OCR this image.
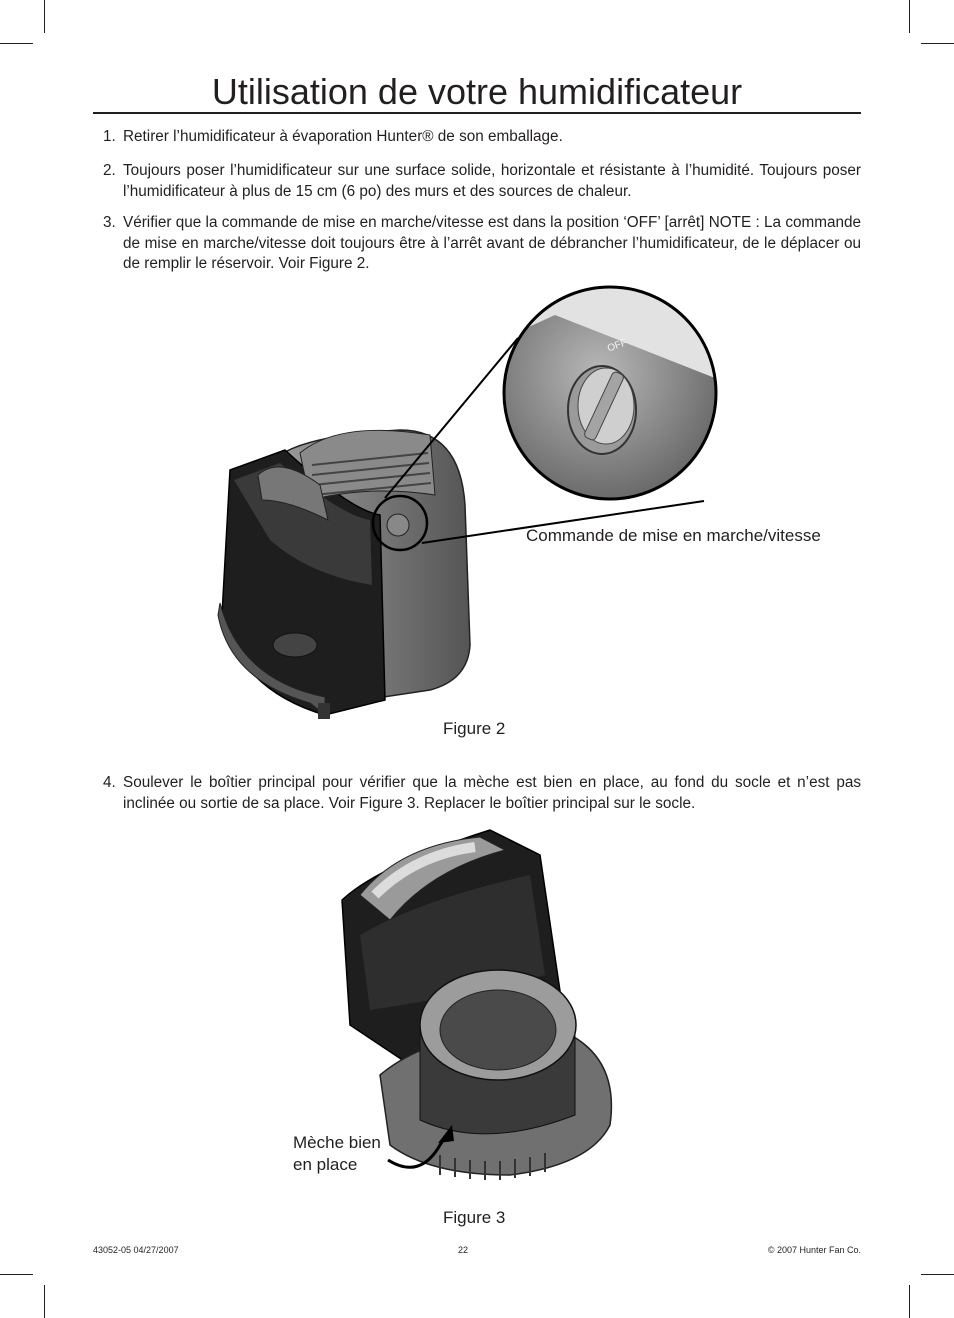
Utilisation de votre humidificateur
1. Retirer l’humidificateur à évaporation Hunter® de son emballage.
2. Toujours poser l’humidificateur sur une surface solide, horizontale et résistante à l’humidité. Toujours poser l’humidificateur à plus de 15 cm (6 po) des murs et des sources de chaleur.
3. Vérifier que la commande de mise en marche/vitesse est dans la position ‘OFF’ [arrêt] NOTE : La commande de mise en marche/vitesse doit toujours être à l’arrêt avant de débrancher l’humidificateur, de le déplacer ou de remplir le réservoir. Voir Figure 2.
OFF
Commande de mise en marche/vitesse
Figure 2
4. Soulever le boîtier principal pour vérifier que la mèche est bien en place, au fond du socle et n’est pas inclinée ou sortie de sa place. Voir Figure 3. Replacer le boîtier principal sur le socle.
Mèche bien
en place
Figure 3
43052-05 04/27/2007	22	© 2007 Hunter Fan Co.
